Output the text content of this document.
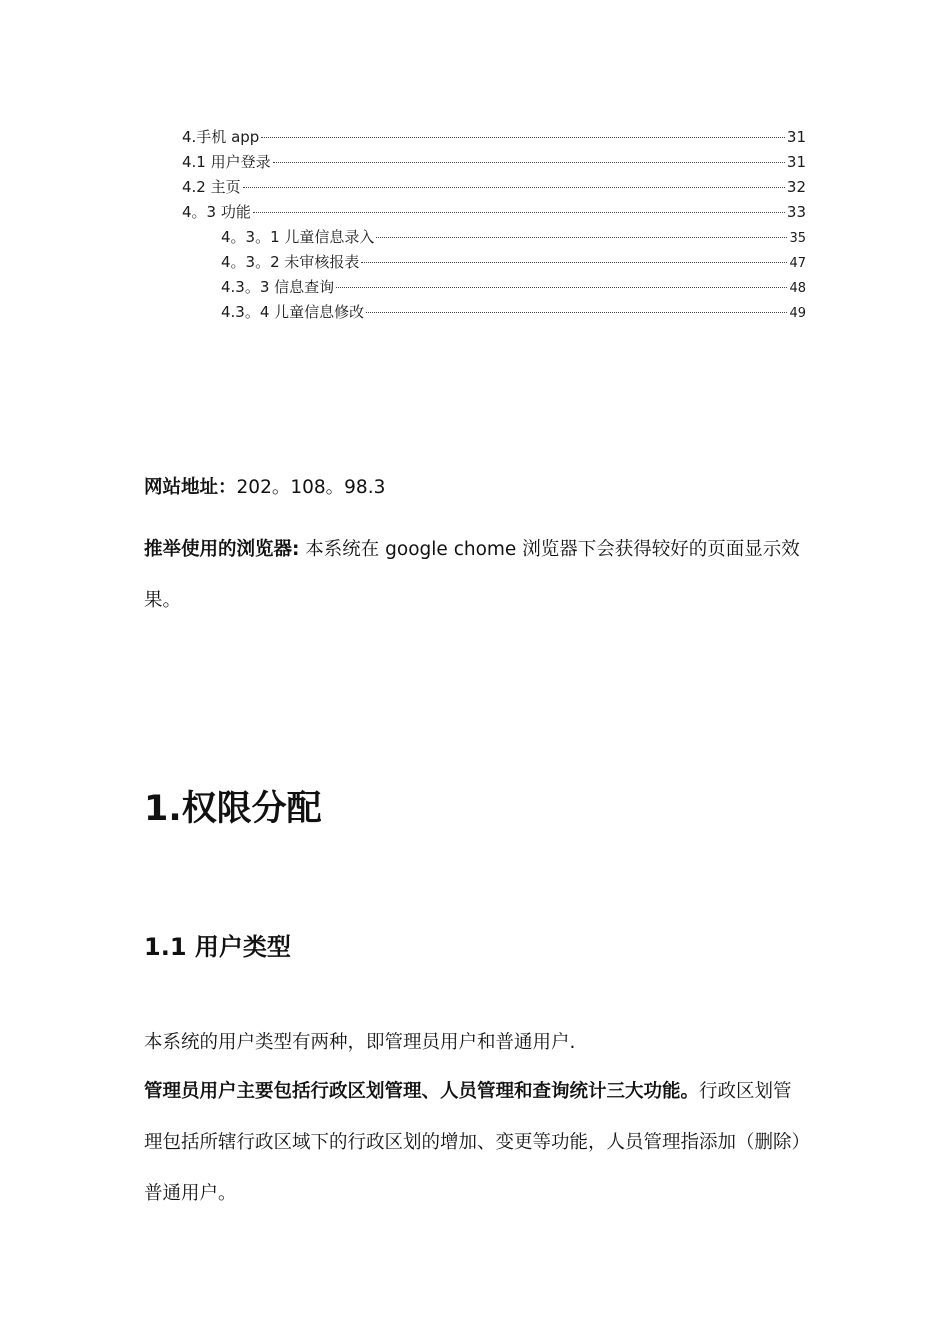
4.手机 app	31
4.1 用户登录	31
4.2 主页	32
4。3 功能	33
4。3。1 儿童信息录入	35
4。3。2 未审核报表	47
4.3。3 信息查询	48
4.3。4 儿童信息修改	49
网站地址：202。108。98.3
推举使用的浏览器: 本系统在 google chome 浏览器下会获得较好的页面显示效果。
1.权限分配
1.1 用户类型
本系统的用户类型有两种，即管理员用户和普通用户.
管理员用户主要包括行政区划管理、人员管理和查询统计三大功能。行政区划管理包括所辖行政区域下的行政区划的增加、变更等功能，人员管理指添加（删除）普通用户。
